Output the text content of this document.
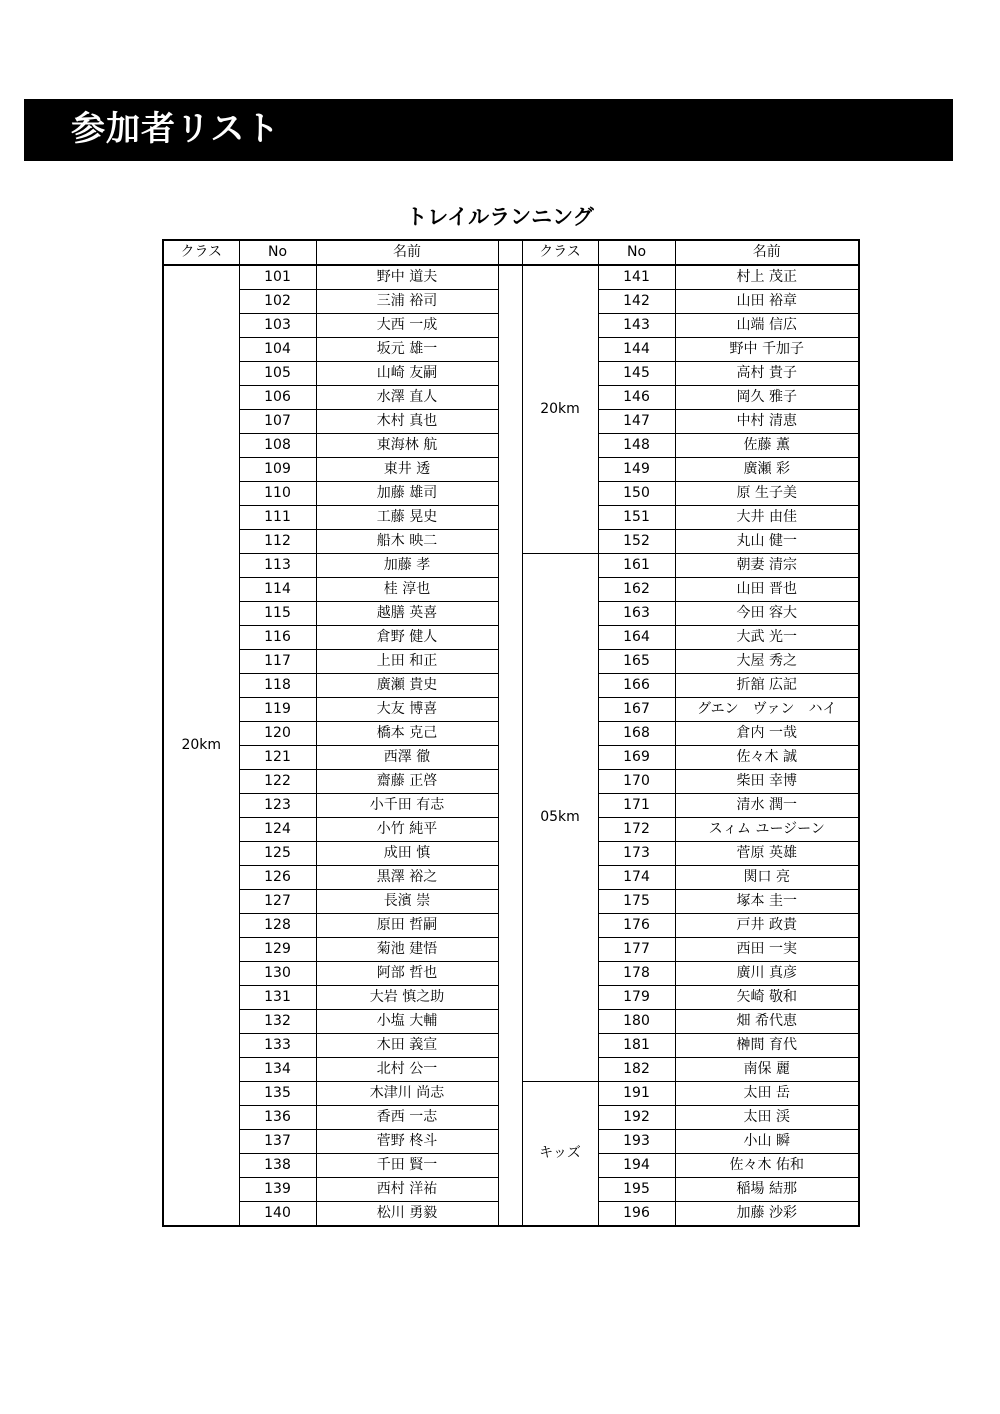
参加者リスト
トレイルランニング
クラス	No	名前		クラス	No	名前
20km	101	野中 道夫		20km	141	村上 茂正
	102	三浦 裕司			142	山田 裕章
	103	大西 一成			143	山端 信広
	104	坂元 雄一			144	野中 千加子
	105	山崎 友嗣			145	高村 貴子
	106	水澤 直人			146	岡久 雅子
	107	木村 真也			147	中村 清恵
	108	東海林 航			148	佐藤 薫
	109	東井 透			149	廣瀬 彩
	110	加藤 雄司			150	原 生子美
	111	工藤 晃史			151	大井 由佳
	112	船木 映二			152	丸山 健一
	113	加藤 孝		05km	161	朝妻 清宗
	114	桂 淳也			162	山田 晋也
	115	越膳 英喜			163	今田 容大
	116	倉野 健人			164	大武 光一
	117	上田 和正			165	大屋 秀之
	118	廣瀬 貴史			166	折舘 広記
	119	大友 博喜			167	グエン　ヴァン　ハイ
	120	橋本 克己			168	倉内 一哉
	121	西澤 徹			169	佐々木 誠
	122	齋藤 正啓			170	柴田 幸博
	123	小千田 有志			171	清水 潤一
	124	小竹 純平			172	スィム ユージーン
	125	成田 慎			173	菅原 英雄
	126	黒澤 裕之			174	関口 亮
	127	長濱 崇			175	塚本 圭一
	128	原田 哲嗣			176	戸井 政貴
	129	菊池 建悟			177	西田 一実
	130	阿部 哲也			178	廣川 真彦
	131	大岩 慎之助			179	矢崎 敬和
	132	小塩 大輔			180	畑 希代恵
	133	木田 義宣			181	榊間 育代
	134	北村 公一			182	南保 麗
	135	木津川 尚志		キッズ	191	太田 岳
	136	香西 一志			192	太田 渓
	137	菅野 柊斗			193	小山 瞬
	138	千田 賢一			194	佐々木 佑和
	139	西村 洋祐			195	稲場 結那
	140	松川 勇毅			196	加藤 沙彩
